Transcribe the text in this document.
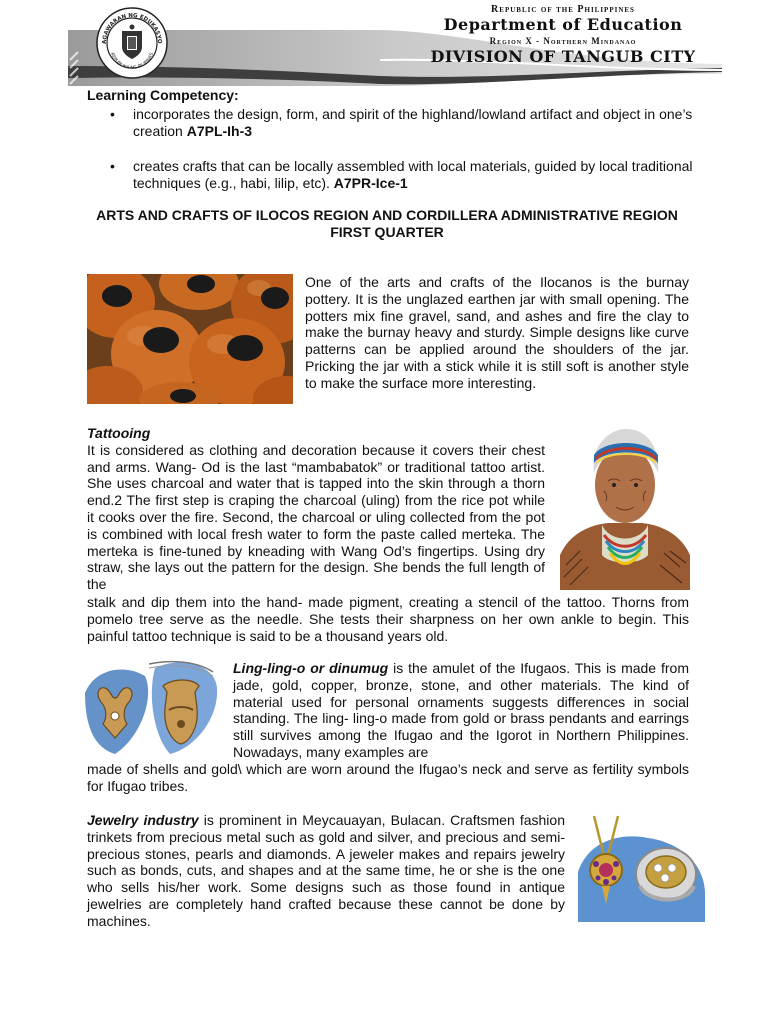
AGAWARAN NG EDUKASYO
REPUBLIKA NG PILIPINAS
Republic of the Philippines
Department of Education
Region X - Northern Mindanao
DIVISION OF TANGUB CITY
Learning Competency:
• incorporates the design, form, and spirit of the highland/lowland artifact and object in one’s creation A7PL-Ih-3
• creates crafts that can be locally assembled with local materials, guided by local traditional techniques (e.g., habi, lilip, etc). A7PR-Ice-1
ARTS AND CRAFTS OF ILOCOS REGION AND CORDILLERA ADMINISTRATIVE REGION
FIRST QUARTER
One of the arts and crafts of the Ilocanos is the burnay pottery. It is the unglazed earthen jar with small opening. The potters mix fine gravel, sand, and ashes and fire the clay to make the burnay heavy and sturdy. Simple designs like curve patterns can be applied around the shoulders of the jar. Pricking the jar with a stick while it is still soft is another style to make the surface more interesting.
Tattooing
It is considered as clothing and decoration because it covers their chest and arms. Wang- Od is the last “mambabatok” or traditional tattoo artist. She uses charcoal and water that is tapped into the skin through a thorn end.2 The first step is craping the charcoal (uling) from the rice pot while it cooks over the fire. Second, the charcoal or uling collected from the pot is combined with local fresh water to form the paste called merteka. The merteka is fine-tuned by kneading with Wang Od’s fingertips. Using dry straw, she lays out the pattern for the design. She bends the full length of the
stalk and dip them into the hand- made pigment, creating a stencil of the tattoo. Thorns from pomelo tree serve as the needle. She tests their sharpness on her own ankle to begin. This painful tattoo technique is said to be a thousand years old.
Ling-ling-o or dinumug is the amulet of the Ifugaos. This is made from jade, gold, copper, bronze, stone, and other materials. The kind of material used for personal ornaments suggests differences in social standing. The ling- ling-o made from gold or brass pendants and earrings still survives among the Ifugao and the Igorot in Northern Philippines. Nowadays, many examples are
made of shells and gold\ which are worn around the Ifugao’s neck and serve as fertility symbols for Ifugao tribes.
Jewelry industry is prominent in Meycauayan, Bulacan. Craftsmen fashion trinkets from precious metal such as gold and silver, and precious and semi-precious stones, pearls and diamonds. A jeweler makes and repairs jewelry such as bonds, cuts, and shapes and at the same time, he or she is the one who sells his/her work. Some designs such as those found in antique jewelries are completely hand crafted because these cannot be done by machines.
